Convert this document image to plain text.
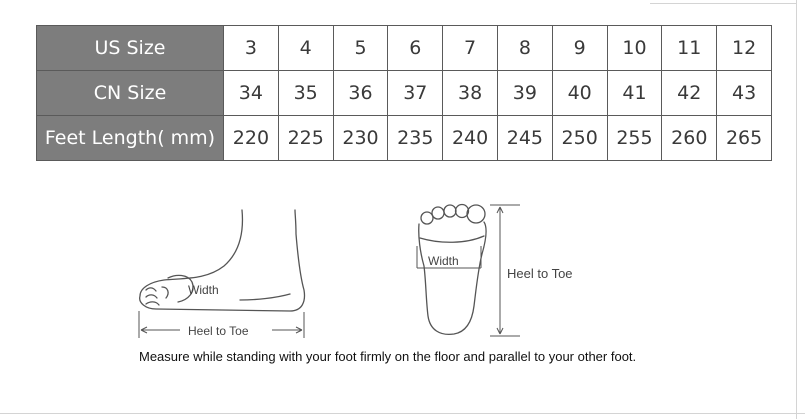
US Size	3	4	5	6	7	8	9	10	11	12
CN Size	34	35	36	37	38	39	40	41	42	43
Feet Length( mm)	220	225	230	235	240	245	250	255	260	265
Width
Heel to Toe
Width
Heel to Toe
Measure while standing with your foot firmly on the floor and parallel to your other foot.
